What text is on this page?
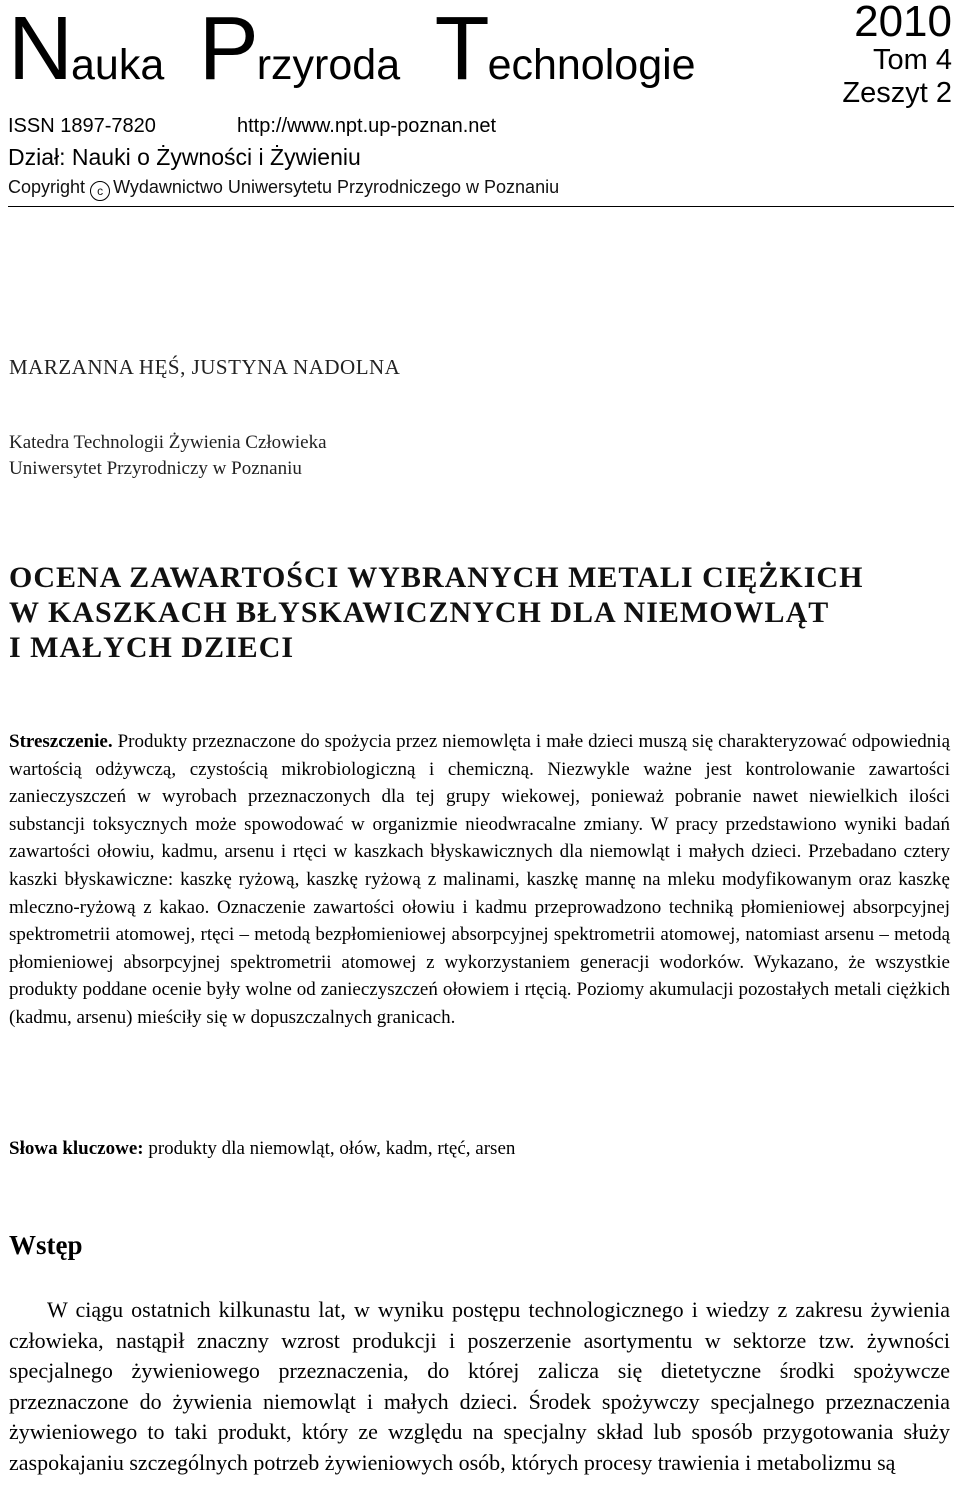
Nauka Przyroda Technologie
2010
Tom 4
Zeszyt 2
ISSN 1897-7820	http://www.npt.up-poznan.net
Dział: Nauki o Żywności i Żywieniu
Copyright c Wydawnictwo Uniwersytetu Przyrodniczego w Poznaniu
MARZANNA HĘŚ, JUSTYNA NADOLNA
Katedra Technologii Żywienia Człowieka
Uniwersytet Przyrodniczy w Poznaniu
OCENA ZAWARTOŚCI WYBRANYCH METALI CIĘŻKICH
W KASZKACH BŁYSKAWICZNYCH DLA NIEMOWLĄT
I MAŁYCH DZIECI
Streszczenie. Produkty przeznaczone do spożycia przez niemowlęta i małe dzieci muszą się charakteryzować odpowiednią wartością odżywczą, czystością mikrobiologiczną i chemiczną. Niezwykle ważne jest kontrolowanie zawartości zanieczyszczeń w wyrobach przeznaczonych dla tej grupy wiekowej, ponieważ pobranie nawet niewielkich ilości substancji toksycznych może spowodować w organizmie nieodwracalne zmiany. W pracy przedstawiono wyniki badań zawartości ołowiu, kadmu, arsenu i rtęci w kaszkach błyskawicznych dla niemowląt i małych dzieci. Przebadano cztery kaszki błyskawiczne: kaszkę ryżową, kaszkę ryżową z malinami, kaszkę mannę na mleku modyfikowanym oraz kaszkę mleczno-ryżową z kakao. Oznaczenie zawartości ołowiu i kadmu przeprowadzono techniką płomieniowej absorpcyjnej spektrometrii atomowej, rtęci – metodą bezpłomieniowej absorpcyjnej spektrometrii atomowej, natomiast arsenu – metodą płomieniowej absorpcyjnej spektrometrii atomowej z wykorzystaniem generacji wodorków. Wykazano, że wszystkie produkty poddane ocenie były wolne od zanieczyszczeń ołowiem i rtęcią. Poziomy akumulacji pozostałych metali ciężkich (kadmu, arsenu) mieściły się w dopuszczalnych granicach.
Słowa kluczowe: produkty dla niemowląt, ołów, kadm, rtęć, arsen
Wstęp
W ciągu ostatnich kilkunastu lat, w wyniku postępu technologicznego i wiedzy z zakresu żywienia człowieka, nastąpił znaczny wzrost produkcji i poszerzenie asortymentu w sektorze tzw. żywności specjalnego żywieniowego przeznaczenia, do której zalicza się dietetyczne środki spożywcze przeznaczone do żywienia niemowląt i małych dzieci. Środek spożywczy specjalnego przeznaczenia żywieniowego to taki produkt, który ze względu na specjalny skład lub sposób przygotowania służy zaspokajaniu szczególnych potrzeb żywieniowych osób, których procesy trawienia i metabolizmu są
